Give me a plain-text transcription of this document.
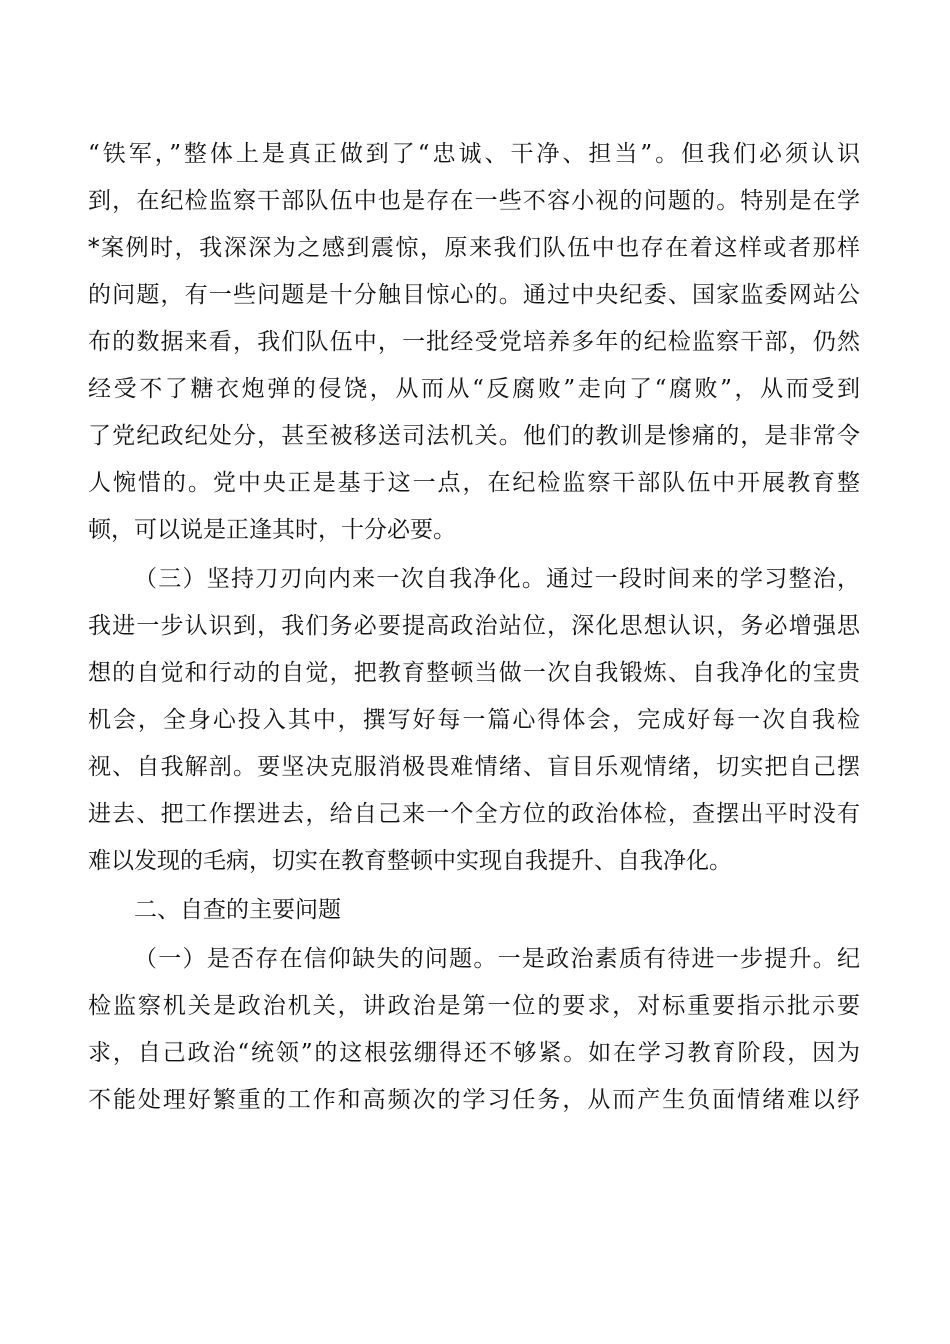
“铁军，”整体上是真正做到了“忠诚、干净、担当”。但我们必须认识
到，在纪检监察干部队伍中也是存在一些不容小视的问题的。特别是在学
*案例时，我深深为之感到震惊，原来我们队伍中也存在着这样或者那样
的问题，有一些问题是十分触目惊心的。通过中央纪委、国家监委网站公
布的数据来看，我们队伍中，一批经受党培养多年的纪检监察干部，仍然
经受不了糖衣炮弹的侵饶，从而从“反腐败”走向了“腐败”，从而受到
了党纪政纪处分，甚至被移送司法机关。他们的教训是惨痛的，是非常令
人惋惜的。党中央正是基于这一点，在纪检监察干部队伍中开展教育整
顿，可以说是正逢其时，十分必要。
（三）坚持刀刃向内来一次自我净化。通过一段时间来的学习整治，
我进一步认识到，我们务必要提高政治站位，深化思想认识，务必增强思
想的自觉和行动的自觉，把教育整顿当做一次自我锻炼、自我净化的宝贵
机会，全身心投入其中，撰写好每一篇心得体会，完成好每一次自我检
视、自我解剖。要坚决克服消极畏难情绪、盲目乐观情绪，切实把自己摆
进去、把工作摆进去，给自己来一个全方位的政治体检，查摆出平时没有
难以发现的毛病，切实在教育整顿中实现自我提升、自我净化。
二、自查的主要问题
（一）是否存在信仰缺失的问题。一是政治素质有待进一步提升。纪
检监察机关是政治机关，讲政治是第一位的要求，对标重要指示批示要
求，自己政治“统领”的这根弦绷得还不够紧。如在学习教育阶段，因为
不能处理好繁重的工作和高频次的学习任务，从而产生负面情绪难以纾
